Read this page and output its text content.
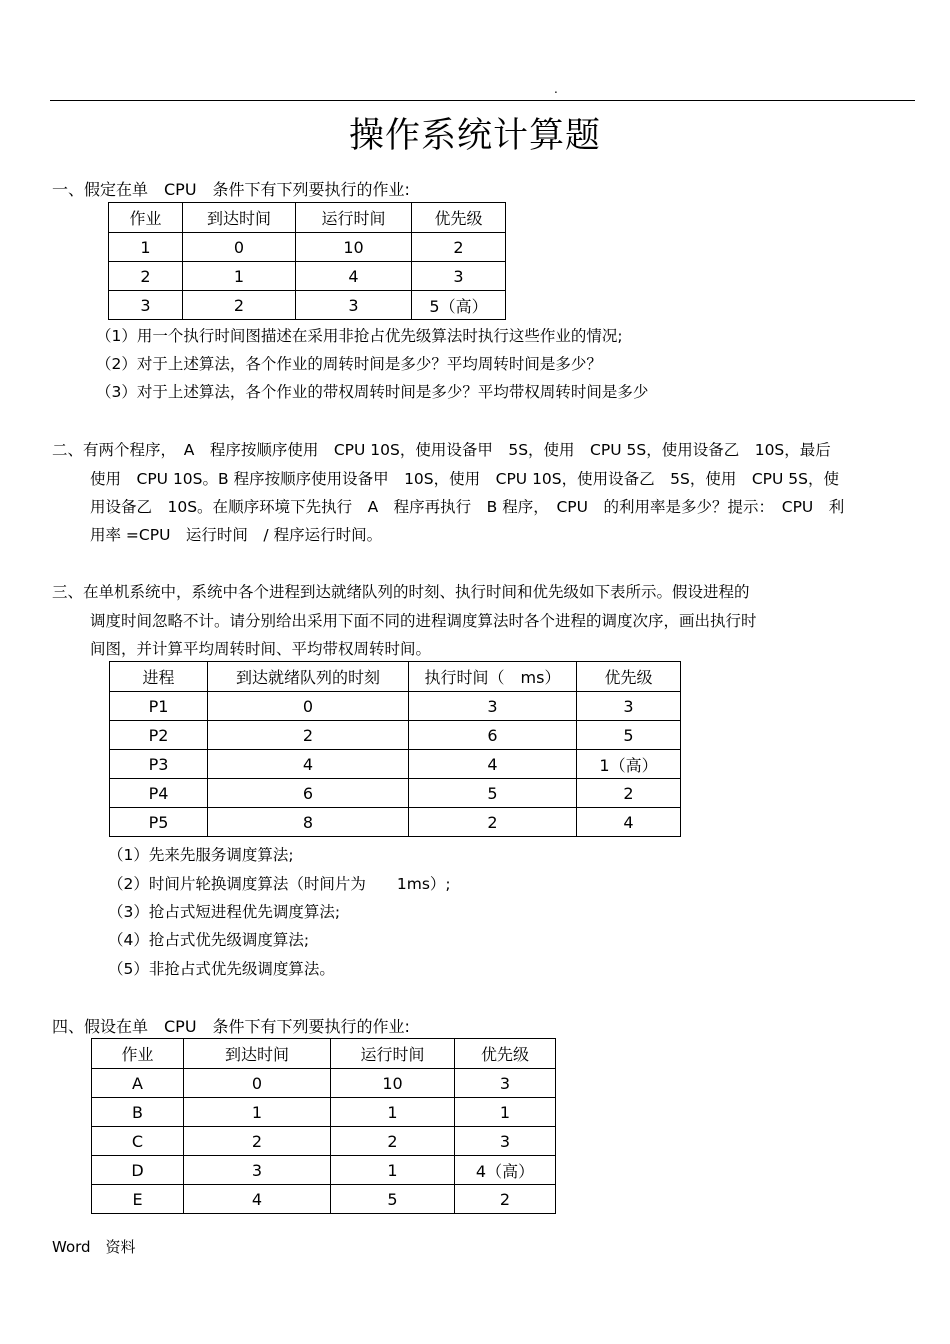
.
操作系统计算题
一、假定在单　CPU　条件下有下列要执行的作业:
作业	到达时间	运行时间	优先级
1	0	10	2
2	1	4	3
3	2	3	5（高）
（1）用一个执行时间图描述在采用非抢占优先级算法时执行这些作业的情况;
（2）对于上述算法，各个作业的周转时间是多少？平均周转时间是多少？
（3）对于上述算法，各个作业的带权周转时间是多少？平均带权周转时间是多少
二、有两个程序，　A　程序按顺序使用　CPU 10S，使用设备甲　5S，使用　CPU 5S，使用设备乙　10S，最后
使用　CPU 10S。B 程序按顺序使用设备甲　10S，使用　CPU 10S，使用设备乙　5S，使用　CPU 5S，使
用设备乙　10S。在顺序环境下先执行　A　程序再执行　B 程序，　CPU　的利用率是多少？提示：　CPU　利
用率 =CPU　运行时间　/ 程序运行时间。
三、在单机系统中，系统中各个进程到达就绪队列的时刻、执行时间和优先级如下表所示。假设进程的
调度时间忽略不计。请分别给出采用下面不同的进程调度算法时各个进程的调度次序，画出执行时
间图，并计算平均周转时间、平均带权周转时间。
进程	到达就绪队列的时刻	执行时间（　ms）	优先级
P1	0	3	3
P2	2	6	5
P3	4	4	1（高）
P4	6	5	2
P5	8	2	4
（1）先来先服务调度算法;
（2）时间片轮换调度算法（时间片为　　1ms）;
（3）抢占式短进程优先调度算法;
（4）抢占式优先级调度算法;
（5）非抢占式优先级调度算法。
四、假设在单　CPU　条件下有下列要执行的作业:
作业	到达时间	运行时间	优先级
A	0	10	3
B	1	1	1
C	2	2	3
D	3	1	4（高）
E	4	5	2
Word　资料
